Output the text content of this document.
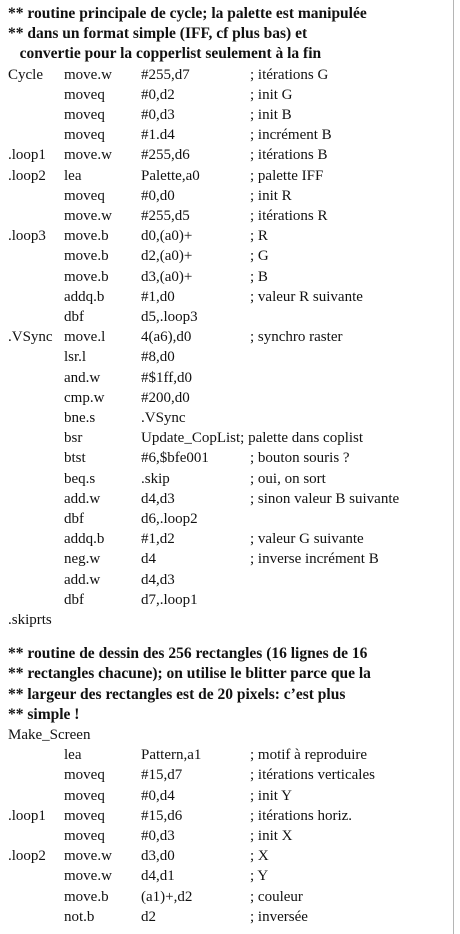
** routine principale de cycle; la palette est manipulée
** dans un format simple (IFF, cf plus bas) et
convertie pour la copperlist seulement à la fin
Cycle move.w #255,d7	; itérations G
moveq #0,d2	; init G
moveq #0,d3	; init B
moveq #1.d4	; incrément B
.loop1 move.w #255,d6	; itérations B
.loop2 lea	Palette,a0	; palette IFF
moveq #0,d0	; init R
move.w #255,d5	; itérations R
.loop3 move.b d0,(a0)+	; R
move.b d2,(a0)+	; G
move.b d3,(a0)+	; B
addq.b #1,d0	; valeur R suivante
dbf	d5,.loop3
.VSync move.l 4(a6),d0	; synchro raster
lsr.l	#8,d0
and.w	#$1ff,d0
cmp.w #200,d0
bne.s	.VSync
bsr	Update_CopList; palette dans coplist
btst	#6,$bfe001	; bouton souris ?
beq.s	.skip	; oui, on sort
add.w	d4,d3	; sinon valeur B suivante
dbf	d6,.loop2
addq.b #1,d2	; valeur G suivante
neg.w	d4	; inverse incrément B
add.w	d4,d3
dbf	d7,.loop1
.skiprts
** routine de dessin des 256 rectangles (16 lignes de 16
** rectangles chacune); on utilise le blitter parce que la
** largeur des rectangles est de 20 pixels: c’est plus
** simple !
Make_Screen
lea	Pattern,a1	; motif à reproduire
moveq #15,d7	; itérations verticales
moveq #0,d4	; init Y
.loop1 moveq #15,d6	; itérations horiz.
moveq #0,d3	; init X
.loop2 move.w d3,d0	; X
move.w d4,d1	; Y
move.b (a1)+,d2	; couleur
not.b	d2	; inversée
